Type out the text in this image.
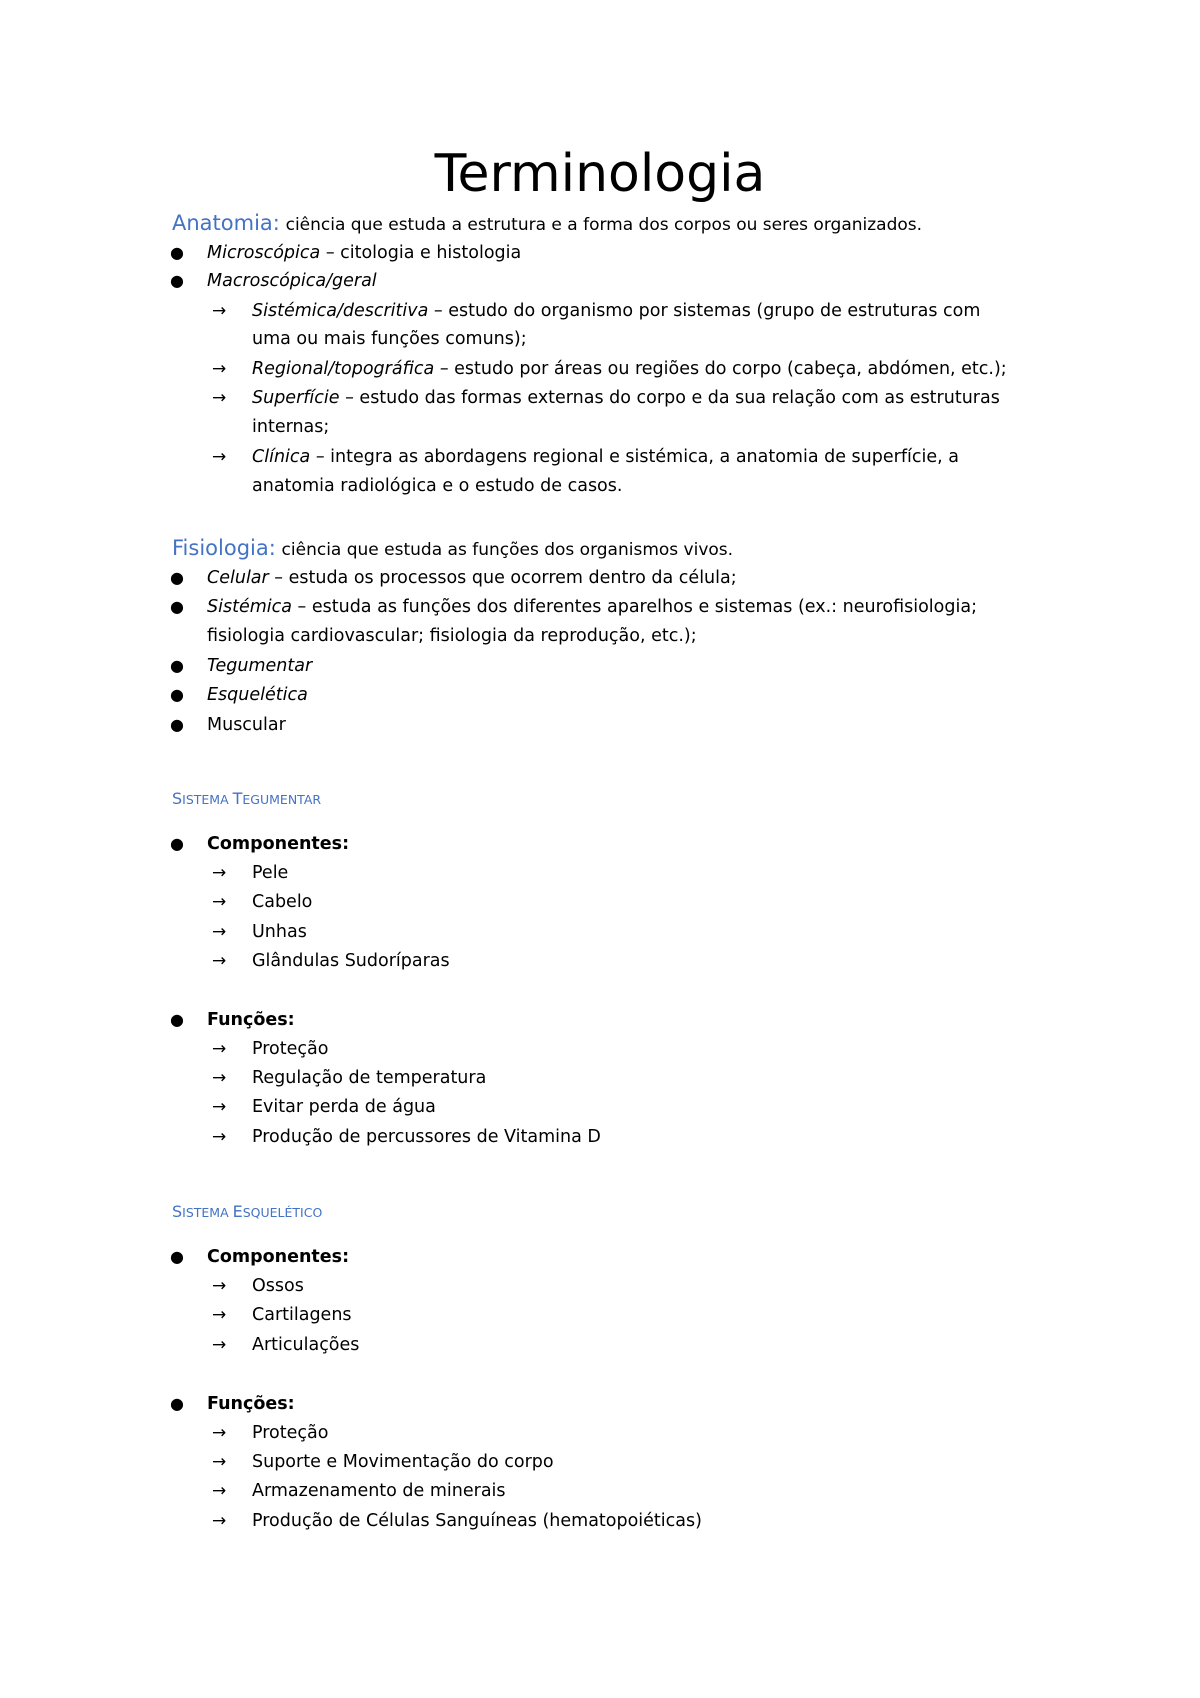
Terminologia
Anatomia: ciência que estuda a estrutura e a forma dos corpos ou seres organizados.
● Microscópica – citologia e histologia
● Macroscópica/geral
→ Sistémica/descritiva – estudo do organismo por sistemas (grupo de estruturas com
uma ou mais funções comuns);
→ Regional/topográfica – estudo por áreas ou regiões do corpo (cabeça, abdómen, etc.);
→ Superfície – estudo das formas externas do corpo e da sua relação com as estruturas
internas;
→ Clínica – integra as abordagens regional e sistémica, a anatomia de superfície, a
anatomia radiológica e o estudo de casos.
Fisiologia: ciência que estuda as funções dos organismos vivos.
● Celular – estuda os processos que ocorrem dentro da célula;
● Sistémica – estuda as funções dos diferentes aparelhos e sistemas (ex.: neurofisiologia;
fisiologia cardiovascular; fisiologia da reprodução, etc.);
● Tegumentar
● Esquelética
● Muscular
SISTEMA TEGUMENTAR
● Componentes:
→ Pele
→ Cabelo
→ Unhas
→ Glândulas Sudoríparas
● Funções:
→ Proteção
→ Regulação de temperatura
→ Evitar perda de água
→ Produção de percussores de Vitamina D
SISTEMA ESQUELÉTICO
● Componentes:
→ Ossos
→ Cartilagens
→ Articulações
● Funções:
→ Proteção
→ Suporte e Movimentação do corpo
→ Armazenamento de minerais
→ Produção de Células Sanguíneas (hematopoiéticas)
